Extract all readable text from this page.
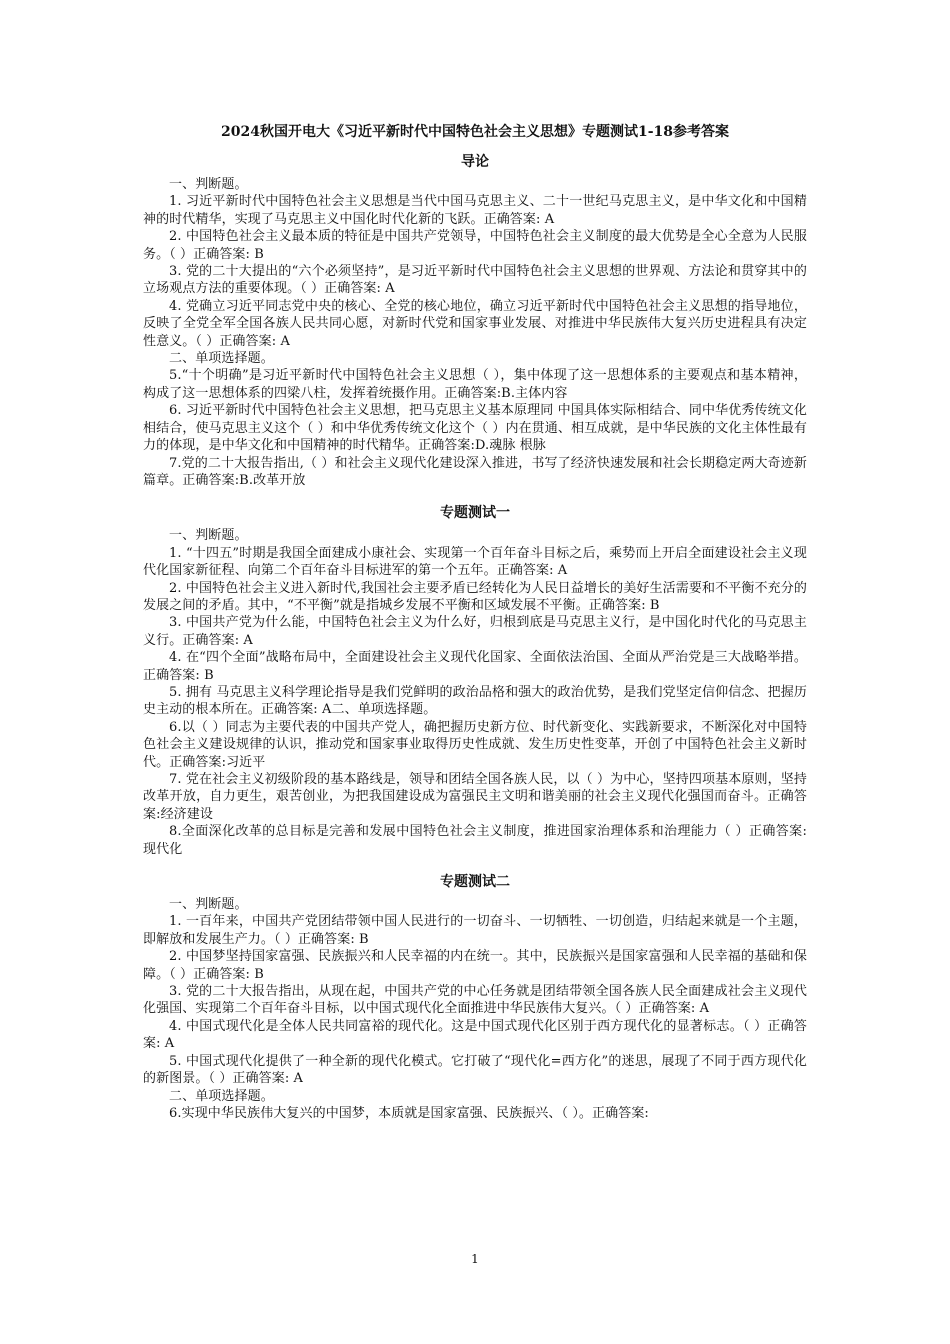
2024秋国开电大《习近平新时代中国特色社会主义思想》专题测试1-18参考答案
导论
一、判断题。
1. 习近平新时代中国特色社会主义思想是当代中国马克思主义、二十一世纪马克思主义，是中华文化和中国精神的时代精华，实现了马克思主义中国化时代化新的飞跃。正确答案: A
2. 中国特色社会主义最本质的特征是中国共产党领导，中国特色社会主义制度的最大优势是全心全意为人民服务。（ ）正确答案: B
3. 党的二十大提出的“六个必须坚持”，是习近平新时代中国特色社会主义思想的世界观、方法论和贯穿其中的立场观点方法的重要体现。（ ）正确答案: A
4. 党确立习近平同志党中央的核心、全党的核心地位，确立习近平新时代中国特色社会主义思想的指导地位，反映了全党全军全国各族人民共同心愿，对新时代党和国家事业发展、对推进中华民族伟大复兴历史进程具有决定性意义。（ ）正确答案: A
二、单项选择题。
5.“十个明确”是习近平新时代中国特色社会主义思想（ ），集中体现了这一思想体系的主要观点和基本精神，构成了这一思想体系的四梁八柱，发挥着统摄作用。正确答案:B.主体内容
6. 习近平新时代中国特色社会主义思想，把马克思主义基本原理同 中国具体实际相结合、同中华优秀传统文化相结合，使马克思主义这个（ ）和中华优秀传统文化这个（ ）内在贯通、相互成就，是中华民族的文化主体性最有力的体现，是中华文化和中国精神的时代精华。正确答案:D.魂脉 根脉
7.党的二十大报告指出,（ ）和社会主义现代化建设深入推进，书写了经济快速发展和社会长期稳定两大奇迹新篇章。正确答案:B.改革开放
专题测试一
一、判断题。
1. “十四五”时期是我国全面建成小康社会、实现第一个百年奋斗目标之后，乘势而上开启全面建设社会主义现代化国家新征程、向第二个百年奋斗目标进军的第一个五年。正确答案: A
2. 中国特色社会主义进入新时代,我国社会主要矛盾已经转化为人民日益增长的美好生活需要和不平衡不充分的发展之间的矛盾。其中，“不平衡”就是指城乡发展不平衡和区域发展不平衡。正确答案: B
3. 中国共产党为什么能，中国特色社会主义为什么好，归根到底是马克思主义行，是中国化时代化的马克思主义行。正确答案: A
4. 在“四个全面”战略布局中，全面建设社会主义现代化国家、全面依法治国、全面从严治党是三大战略举措。正确答案: B
5. 拥有 马克思主义科学理论指导是我们党鲜明的政治品格和强大的政治优势，是我们党坚定信仰信念、把握历史主动的根本所在。正确答案: A二、单项选择题。
6.以（ ）同志为主要代表的中国共产党人，确把握历史新方位、时代新变化、实践新要求，不断深化对中国特色社会主义建设规律的认识，推动党和国家事业取得历史性成就、发生历史性变革，开创了中国特色社会主义新时代。正确答案:习近平
7. 党在社会主义初级阶段的基本路线是，领导和团结全国各族人民，以（ ）为中心，坚持四项基本原则，坚持改革开放，自力更生，艰苦创业，为把我国建设成为富强民主文明和谐美丽的社会主义现代化强国而奋斗。正确答案:经济建设
8.全面深化改革的总目标是完善和发展中国特色社会主义制度，推进国家治理体系和治理能力（ ）正确答案: 现代化
专题测试二
一、判断题。
1. 一百年来，中国共产党团结带领中国人民进行的一切奋斗、一切牺牲、一切创造，归结起来就是一个主题，即解放和发展生产力。（ ）正确答案: B
2. 中国梦坚持国家富强、民族振兴和人民幸福的内在统一。其中，民族振兴是国家富强和人民幸福的基础和保障。（ ）正确答案: B
3. 党的二十大报告指出，从现在起，中国共产党的中心任务就是团结带领全国各族人民全面建成社会主义现代化强国、实现第二个百年奋斗目标，以中国式现代化全面推进中华民族伟大复兴。（ ）正确答案: A
4. 中国式现代化是全体人民共同富裕的现代化。这是中国式现代化区别于西方现代化的显著标志。（ ）正确答案: A
5. 中国式现代化提供了一种全新的现代化模式。它打破了“现代化=西方化”的迷思，展现了不同于西方现代化的新图景。（ ）正确答案: A
二、单项选择题。
6.实现中华民族伟大复兴的中国梦，本质就是国家富强、民族振兴、（ ）。正确答案:
1
